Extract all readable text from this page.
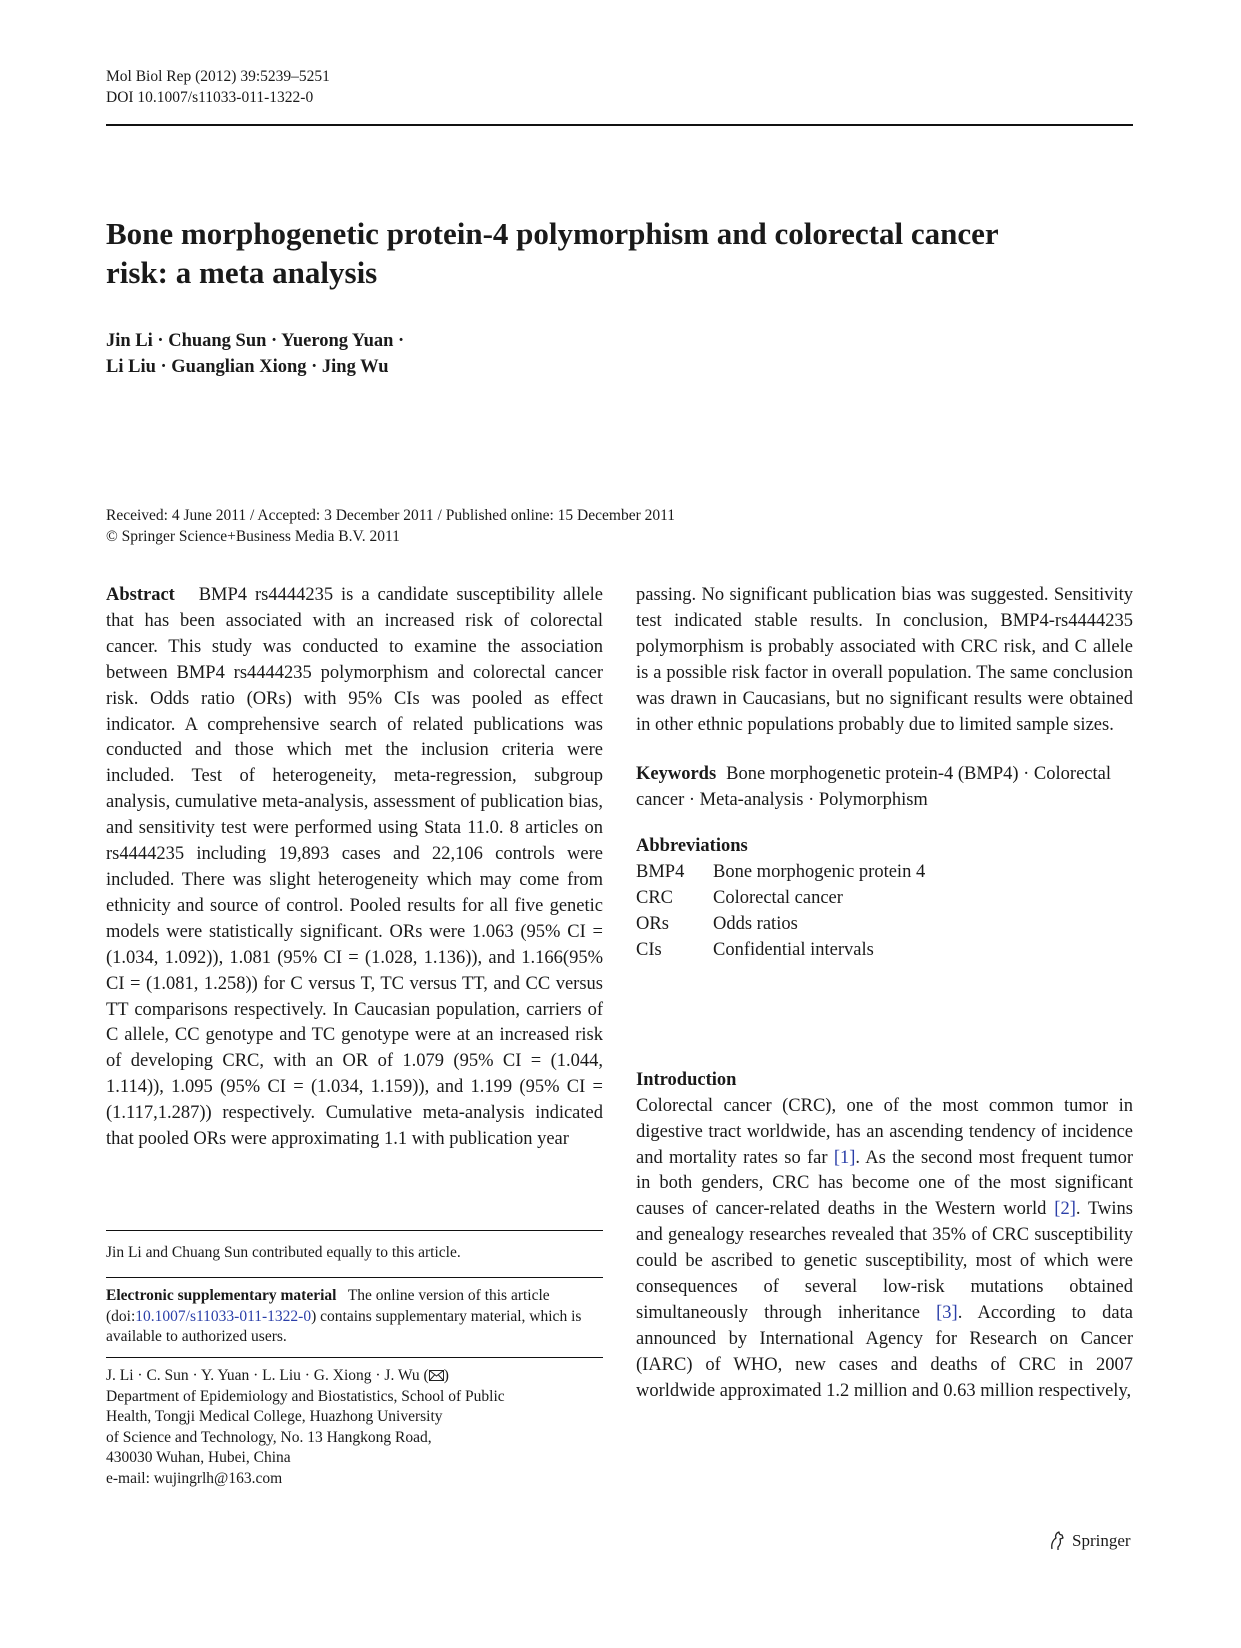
Mol Biol Rep (2012) 39:5239–5251
DOI 10.1007/s11033-011-1322-0
Bone morphogenetic protein-4 polymorphism and colorectal cancer risk: a meta analysis
Jin Li · Chuang Sun · Yuerong Yuan ·
Li Liu · Guanglian Xiong · Jing Wu
Received: 4 June 2011 / Accepted: 3 December 2011 / Published online: 15 December 2011
© Springer Science+Business Media B.V. 2011

Abstract BMP4 rs4444235 is a candidate susceptibility allele that has been associated with an increased risk of colorectal cancer. This study was conducted to examine the association between BMP4 rs4444235 polymorphism and colorectal cancer risk. Odds ratio (ORs) with 95% CIs was pooled as effect indicator. A comprehensive search of related publications was conducted and those which met the inclusion criteria were included. Test of heterogeneity, meta-regression, subgroup analysis, cumulative meta-analysis, assessment of publication bias, and sensitivity test were performed using Stata 11.0. 8 articles on rs4444235 including 19,893 cases and 22,106 controls were included. There was slight heterogeneity which may come from ethnicity and source of control. Pooled results for all five genetic models were statistically significant. ORs were 1.063 (95% CI = (1.034, 1.092)), 1.081 (95% CI = (1.028, 1.136)), and 1.166(95% CI = (1.081, 1.258)) for C versus T, TC versus TT, and CC versus TT comparisons respectively. In Caucasian population, carriers of C allele, CC genotype and TC genotype were at an increased risk of developing CRC, with an OR of 1.079 (95% CI = (1.044, 1.114)), 1.095 (95% CI = (1.034, 1.159)), and 1.199 (95% CI = (1.117,1.287)) respectively. Cumulative meta-analysis indicated that pooled ORs were approximating 1.1 with publication year

Jin Li and Chuang Sun contributed equally to this article.
Electronic supplementary material The online version of this article (doi:10.1007/s11033-011-1322-0) contains supplementary material, which is available to authorized users.
J. Li · C. Sun · Y. Yuan · L. Liu · G. Xiong · J. Wu ( )
Department of Epidemiology and Biostatistics, School of Public
Health, Tongji Medical College, Huazhong University
of Science and Technology, No. 13 Hangkong Road,
430030 Wuhan, Hubei, China
e-mail: wujingrlh@163.com

passing. No significant publication bias was suggested. Sensitivity test indicated stable results. In conclusion, BMP4-rs4444235 polymorphism is probably associated with CRC risk, and C allele is a possible risk factor in overall population. The same conclusion was drawn in Caucasians, but no significant results were obtained in other ethnic populations probably due to limited sample sizes.

Keywords Bone morphogenetic protein-4 (BMP4) · Colorectal cancer · Meta-analysis · Polymorphism

Abbreviations
BMP4	Bone morphogenic protein 4
CRC	Colorectal cancer
ORs	Odds ratios
CIs	Confidential intervals
Introduction

Colorectal cancer (CRC), one of the most common tumor in digestive tract worldwide, has an ascending tendency of incidence and mortality rates so far [1]. As the second most frequent tumor in both genders, CRC has become one of the most significant causes of cancer-related deaths in the Western world [2]. Twins and genealogy researches revealed that 35% of CRC susceptibility could be ascribed to genetic susceptibility, most of which were consequences of several low-risk mutations obtained simultaneously through inheritance [3]. According to data announced by International Agency for Research on Cancer (IARC) of WHO, new cases and deaths of CRC in 2007 worldwide approximated 1.2 million and 0.63 million respectively,

Springer
